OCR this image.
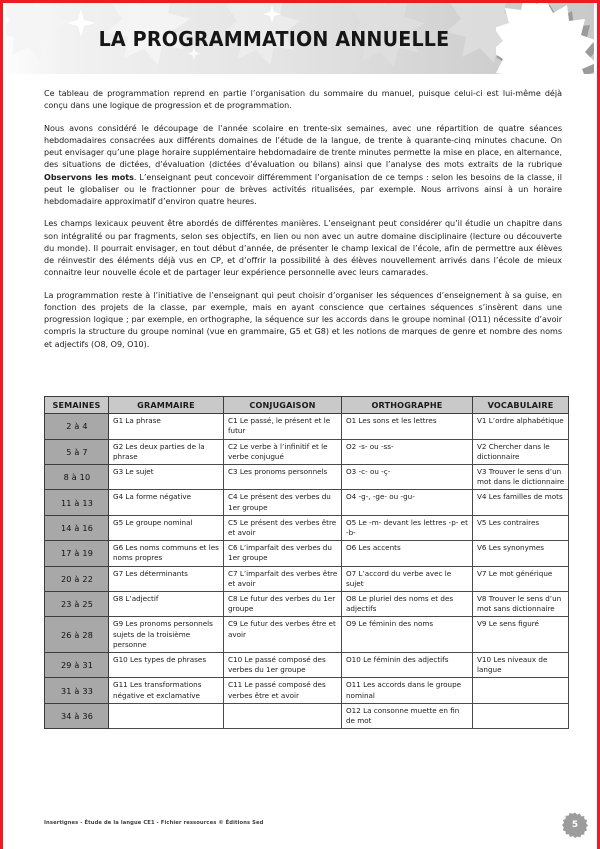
LA PROGRAMMATION ANNUELLE

Ce tableau de programmation reprend en partie l’organisation du sommaire du manuel, puisque celui-ci est lui-même déjà conçu dans une logique de progression et de programmation.

Nous avons considéré le découpage de l’année scolaire en trente-six semaines, avec une répartition de quatre séances hebdomadaires consacrées aux différents domaines de l’étude de la langue, de trente à quarante-cinq minutes chacune. On peut envisager qu’une plage horaire supplémentaire hebdomadaire de trente minutes permette la mise en place, en alternance, des situations de dictées, d’évaluation (dictées d’évaluation ou bilans) ainsi que l’analyse des mots extraits de la rubrique Observons les mots. L’enseignant peut concevoir différemment l’organisation de ce temps : selon les besoins de la classe, il peut le globaliser ou le fractionner pour de brèves activités ritualisées, par exemple. Nous arrivons ainsi à un horaire hebdomadaire approximatif d’environ quatre heures.

Les champs lexicaux peuvent être abordés de différentes manières. L’enseignant peut considérer qu’il étudie un chapitre dans son intégralité ou par fragments, selon ses objectifs, en lien ou non avec un autre domaine disciplinaire (lecture ou découverte du monde). Il pourrait envisager, en tout début d’année, de présenter le champ lexical de l’école, afin de permettre aux élèves de réinvestir des éléments déjà vus en CP, et d’offrir la possibilité à des élèves nouvellement arrivés dans l’école de mieux connaitre leur nouvelle école et de partager leur expérience personnelle avec leurs camarades.

La programmation reste à l’initiative de l’enseignant qui peut choisir d’organiser les séquences d’enseignement à sa guise, en fonction des projets de la classe, par exemple, mais en ayant conscience que certaines séquences s’insèrent dans une progression logique ; par exemple, en orthographe, la séquence sur les accords dans le groupe nominal (O11) nécessite d’avoir compris la structure du groupe nominal (vue en grammaire, G5 et G8) et les notions de marques de genre et nombre des noms et adjectifs (O8, O9, O10).

SEMAINES	GRAMMAIRE	CONJUGAISON	ORTHOGRAPHE	VOCABULAIRE
2 à 4	G1 La phrase	C1 Le passé, le présent et le futur	O1 Les sons et les lettres	V1 L’ordre alphabétique
5 à 7	G2 Les deux parties de la phrase	C2 Le verbe à l’infinitif et le verbe conjugué	O2 -s- ou -ss-	V2 Chercher dans le dictionnaire
8 à 10	G3 Le sujet	C3 Les pronoms personnels	O3 -c- ou -ç-	V3 Trouver le sens d’un mot dans le dictionnaire
11 à 13	G4 La forme négative	C4 Le présent des verbes du 1er groupe	O4 -g-, -ge- ou -gu-	V4 Les familles de mots
14 à 16	G5 Le groupe nominal	C5 Le présent des verbes être et avoir	O5 Le -m- devant les lettres -p- et -b-	V5 Les contraires
17 à 19	G6 Les noms communs et les noms propres	C6 L’imparfait des verbes du 1er groupe	O6 Les accents	V6 Les synonymes
20 à 22	G7 Les déterminants	C7 L’imparfait des verbes être et avoir	O7 L’accord du verbe avec le sujet	V7 Le mot générique
23 à 25	G8 L’adjectif	C8 Le futur des verbes du 1er groupe	O8 Le pluriel des noms et des adjectifs	V8 Trouver le sens d’un mot sans dictionnaire
26 à 28	G9 Les pronoms personnels sujets de la troisième personne	C9 Le futur des verbes être et avoir	O9 Le féminin des noms	V9 Le sens figuré
29 à 31	G10 Les types de phrases	C10 Le passé composé des verbes du 1er groupe	O10 Le féminin des adjectifs	V10 Les niveaux de langue
31 à 33	G11 Les transformations négative et exclamative	C11 Le passé composé des verbes être et avoir	O11 Les accords dans le groupe nominal	
34 à 36			O12 La consonne muette en fin de mot	
Insertignes - Étude de la langue CE1 - Fichier ressources © Éditions Sed	5
